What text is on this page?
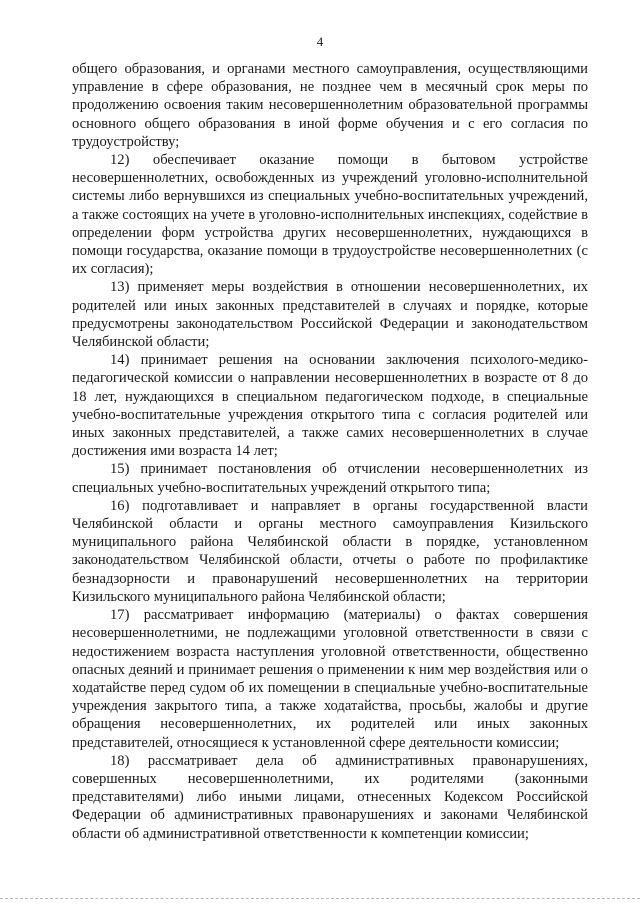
4

общего образования, и органами местного самоуправления, осуществляющими управление в сфере образования, не позднее чем в месячный срок меры по продолжению освоения таким несовершеннолетним образовательной программы основного общего образования в иной форме обучения и с его согласия по трудоустройству;

12) обеспечивает оказание помощи в бытовом устройстве несовершеннолетних, освобожденных из учреждений уголовно-исполнительной системы либо вернувшихся из специальных учебно-воспитательных учреждений, а также состоящих на учете в уголовно-исполнительных инспекциях, содействие в определении форм устройства других несовершеннолетних, нуждающихся в помощи государства, оказание помощи в трудоустройстве несовершеннолетних (с их согласия);

13) применяет меры воздействия в отношении несовершеннолетних, их родителей или иных законных представителей в случаях и порядке, которые предусмотрены законодательством Российской Федерации и законодательством Челябинской области;

14) принимает решения на основании заключения психолого-медико-педагогической комиссии о направлении несовершеннолетних в возрасте от 8 до 18 лет, нуждающихся в специальном педагогическом подходе, в специальные учебно-воспитательные учреждения открытого типа с согласия родителей или иных законных представителей, а также самих несовершеннолетних в случае достижения ими возраста 14 лет;

15) принимает постановления об отчислении несовершеннолетних из специальных учебно-воспитательных учреждений открытого типа;

16) подготавливает и направляет в органы государственной власти Челябинской области и органы местного самоуправления Кизильского муниципального района Челябинской области в порядке, установленном законодательством Челябинской области, отчеты о работе по профилактике безнадзорности и правонарушений несовершеннолетних на территории Кизильского муниципального района Челябинской области;

17) рассматривает информацию (материалы) о фактах совершения несовершеннолетними, не подлежащими уголовной ответственности в связи с недостижением возраста наступления уголовной ответственности, общественно опасных деяний и принимает решения о применении к ним мер воздействия или о ходатайстве перед судом об их помещении в специальные учебно-воспитательные учреждения закрытого типа, а также ходатайства, просьбы, жалобы и другие обращения несовершеннолетних, их родителей или иных законных представителей, относящиеся к установленной сфере деятельности комиссии;

18) рассматривает дела об административных правонарушениях, совершенных несовершеннолетними, их родителями (законными представителями) либо иными лицами, отнесенных Кодексом Российской Федерации об административных правонарушениях и законами Челябинской области об административной ответственности к компетенции комиссии;
